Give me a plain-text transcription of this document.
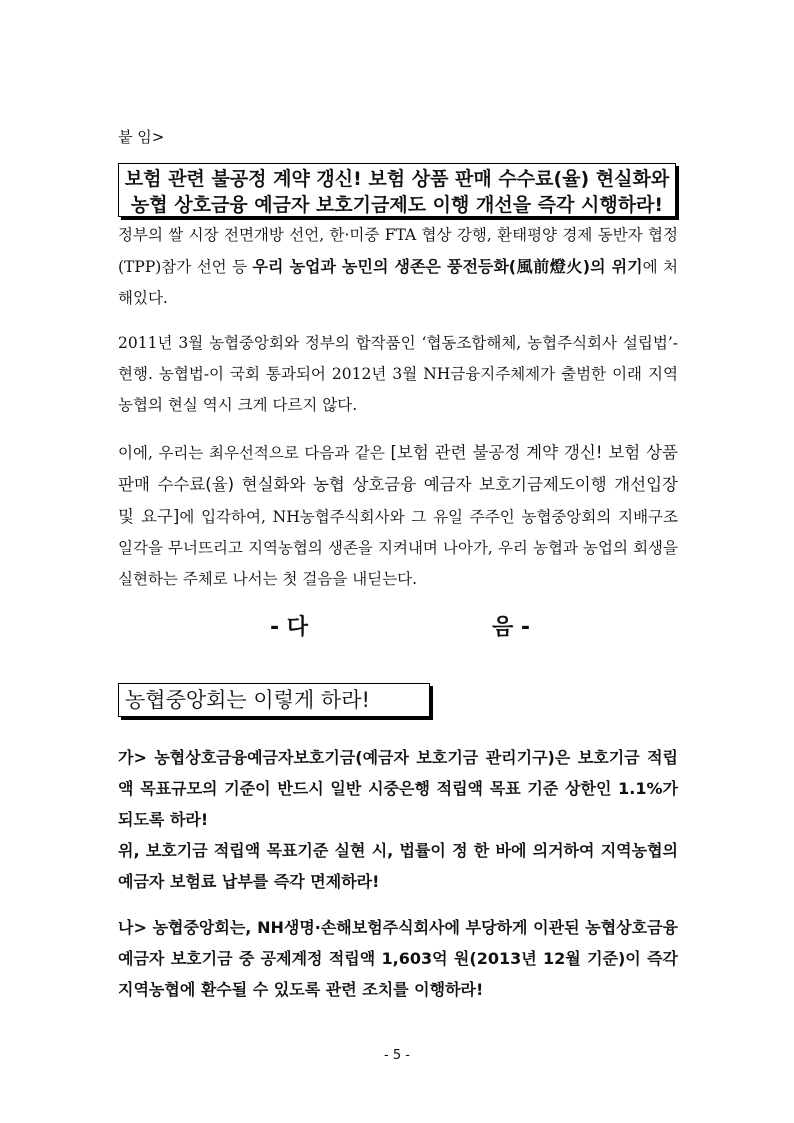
붙 임>
보험 관련 불공정 계약 갱신! 보험 상품 판매 수수료(율) 현실화와
농협 상호금융 예금자 보호기금제도 이행 개선을 즉각 시행하라!
정부의 쌀 시장 전면개방 선언, 한·미중 FTA 협상 강행, 환태평양 경제 동반자 협정(TPP)참가 선언 등 우리 농업과 농민의 생존은 풍전등화(風前燈火)의 위기에 처해있다.
2011년 3월 농협중앙회와 정부의 합작품인 ‘협동조합해체, 농협주식회사 설립법’-현행. 농협법-이 국회 통과되어 2012년 3월 NH금융지주체제가 출범한 이래 지역농협의 현실 역시 크게 다르지 않다.
이에, 우리는 최우선적으로 다음과 같은 [보험 관련 불공정 계약 갱신! 보험 상품 판매 수수료(율) 현실화와 농협 상호금융 예금자 보호기금제도이행 개선입장 및 요구]에 입각하여, NH농협주식회사와 그 유일 주주인 농협중앙회의 지배구조 일각을 무너뜨리고 지역농협의 생존을 지켜내며 나아가, 우리 농협과 농업의 회생을 실현하는 주체로 나서는 첫 걸음을 내딛는다.
- 다	음 -
농협중앙회는 이렇게 하라!
가> 농협상호금융예금자보호기금(예금자 보호기금 관리기구)은 보호기금 적립액 목표규모의 기준이 반드시 일반 시중은행 적립액 목표 기준 상한인 1.1%가 되도록 하라!
위, 보호기금 적립액 목표기준 실현 시, 법률이 정 한 바에 의거하여 지역농협의 예금자 보험료 납부를 즉각 면제하라!
나> 농협중앙회는, NH생명·손해보험주식회사에 부당하게 이관된 농협상호금융 예금자 보호기금 중 공제계정 적립액 1,603억 원(2013년 12월 기준)이 즉각 지역농협에 환수될 수 있도록 관련 조치를 이행하라!
- 5 -
